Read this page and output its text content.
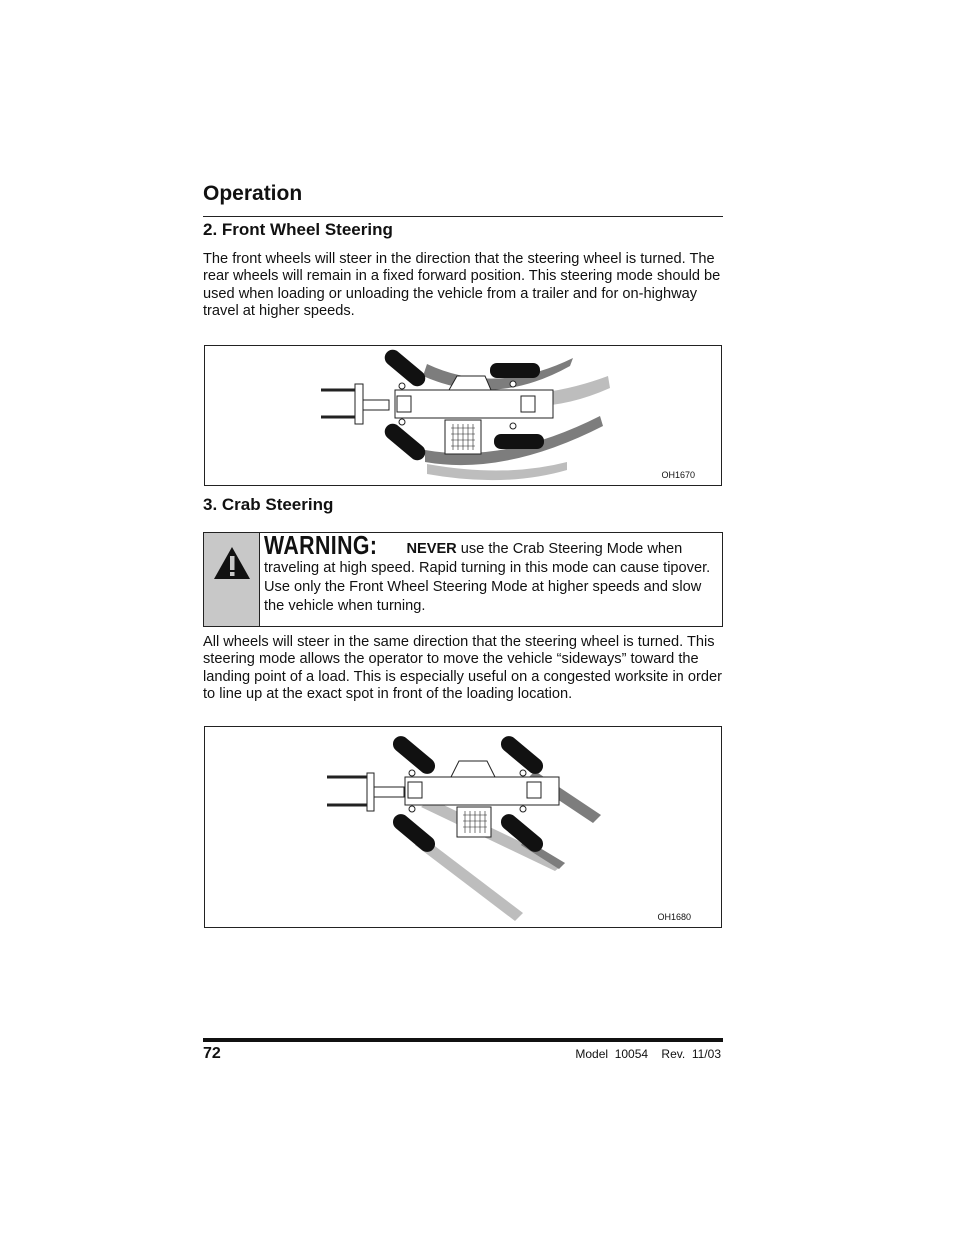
Operation
2. Front Wheel Steering

The front wheels will steer in the direction that the steering wheel is turned. The rear wheels will remain in a fixed forward position. This steering mode should be used when loading or unloading the vehicle from a trailer and for on-highway travel at higher speeds.

OH1670
3. Crab Steering
WARNING: NEVER use the Crab Steering Mode when traveling at high speed. Rapid turning in this mode can cause tipover. Use only the Front Wheel Steering Mode at higher speeds and slow the vehicle when turning.

All wheels will steer in the same direction that the steering wheel is turned. This steering mode allows the operator to move the vehicle “sideways” toward the landing point of a load. This is especially useful on a congested worksite in order to line up at the exact spot in front of the loading location.

OH1680
72	Model  10054    Rev.  11/03
